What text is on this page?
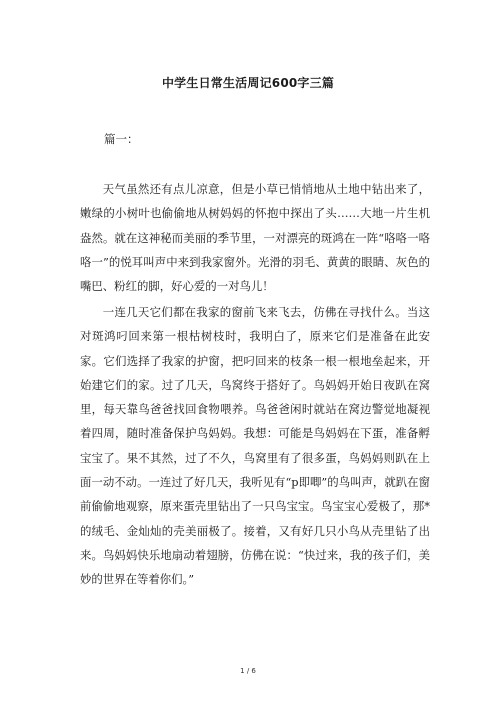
中学生日常生活周记600字三篇

篇一：

天气虽然还有点儿凉意，但是小草已悄悄地从土地中钻出来了，嫩绿的小树叶也偷偷地从树妈妈的怀抱中探出了头……大地一片生机盎然。就在这神秘而美丽的季节里，一对漂亮的斑鸿在一阵“咯咯一咯咯一”的悦耳叫声中来到我家窗外。光滑的羽毛、黄黄的眼睛、灰色的嘴巴、粉红的脚，好心爱的一对鸟儿！

一连几天它们都在我家的窗前飞来飞去，仿佛在寻找什么。当这对斑鸿叼回来第一根枯树枝时，我明白了，原来它们是准备在此安家。它们选择了我家的护窗，把叼回来的枝条一根一根地垒起来，开始建它们的家。过了几天，鸟窝终于搭好了。鸟妈妈开始日夜趴在窝里，每天靠鸟爸爸找回食物喂养。鸟爸爸闲时就站在窝边警觉地凝视着四周，随时准备保护鸟妈妈。我想：可能是鸟妈妈在下蛋，准备孵宝宝了。果不其然，过了不久，鸟窝里有了很多蛋，鸟妈妈则趴在上面一动不动。一连过了好几天，我听见有“p即唧”的鸟叫声，就趴在窗前偷偷地观察，原来蛋壳里钻出了一只鸟宝宝。鸟宝宝心爱极了，那*的绒毛、金灿灿的壳美丽极了。接着，又有好几只小鸟从壳里钻了出来。鸟妈妈快乐地扇动着翅膀，仿佛在说：“快过来，我的孩子们，美妙的世界在等着你们。”

1 / 6
